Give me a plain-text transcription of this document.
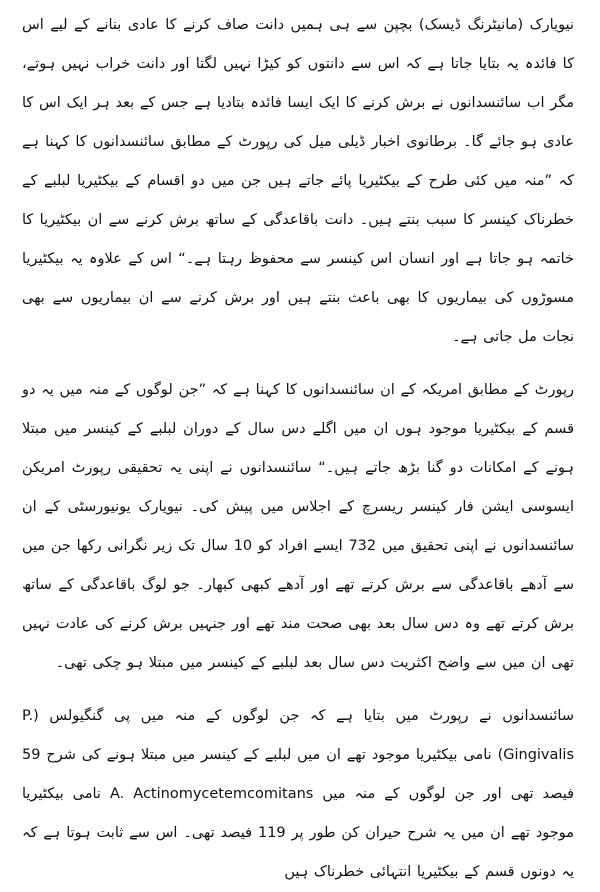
نیویارک (مانیٹرنگ ڈیسک) بچپن سے ہی ہمیں دانت صاف کرنے کا عادی بنانے کے لیے اس کا فائدہ یہ بتایا جاتا ہے کہ اس سے دانتوں کو کیڑا نہیں لگتا اور دانت خراب نہیں ہوتے، مگر اب سائنسدانوں نے برش کرنے کا ایک ایسا فائدہ بتادیا ہے جس کے بعد ہر ایک اس کا عادی ہو جائے گا۔ برطانوی اخبار ڈیلی میل کی رپورٹ کے مطابق سائنسدانوں کا کہنا ہے کہ ”منہ میں کئی طرح کے بیکٹیریا پائے جاتے ہیں جن میں دو اقسام کے بیکٹیریا لبلبے کے خطرناک کینسر کا سبب بنتے ہیں۔ دانت باقاعدگی کے ساتھ برش کرنے سے ان بیکٹیریا کا خاتمہ ہو جاتا ہے اور انسان اس کینسر سے محفوظ رہتا ہے۔“ اس کے علاوہ یہ بیکٹیریا مسوڑوں کی بیماریوں کا بھی باعث بنتے ہیں اور برش کرنے سے ان بیماریوں سے بھی نجات مل جاتی ہے۔

رپورٹ کے مطابق امریکہ کے ان سائنسدانوں کا کہنا ہے کہ ”جن لوگوں کے منہ میں یہ دو قسم کے بیکٹیریا موجود ہوں ان میں اگلے دس سال کے دوران لبلبے کے کینسر میں مبتلا ہونے کے امکانات دو گنا بڑھ جاتے ہیں۔“ سائنسدانوں نے اپنی یہ تحقیقی رپورٹ امریکن ایسوسی ایشن فار کینسر ریسرچ کے اجلاس میں پیش کی۔ نیویارک یونیورسٹی کے ان سائنسدانوں نے اپنی تحقیق میں 732 ایسے افراد کو 10 سال تک زیر نگرانی رکھا جن میں سے آدھے باقاعدگی سے برش کرتے تھے اور آدھے کبھی کبھار۔ جو لوگ باقاعدگی کے ساتھ برش کرتے تھے وہ دس سال بعد بھی صحت مند تھے اور جنہیں برش کرنے کی عادت نہیں تھی ان میں سے واضح اکثریت دس سال بعد لبلبے کے کینسر میں مبتلا ہو چکی تھی۔

سائنسدانوں نے رپورٹ میں بتایا ہے کہ جن لوگوں کے منہ میں پی گنگیولس (P. Gingivalis) نامی بیکٹیریا موجود تھے ان میں لبلبے کے کینسر میں مبتلا ہونے کی شرح 59 فیصد تھی اور جن لوگوں کے منہ میں A. Actinomycetemcomitans نامی بیکٹیریا موجود تھے ان میں یہ شرح حیران کن طور پر 119 فیصد تھی۔ اس سے ثابت ہوتا ہے کہ یہ دونوں قسم کے بیکٹیریا انتہائی خطرناک ہیں
